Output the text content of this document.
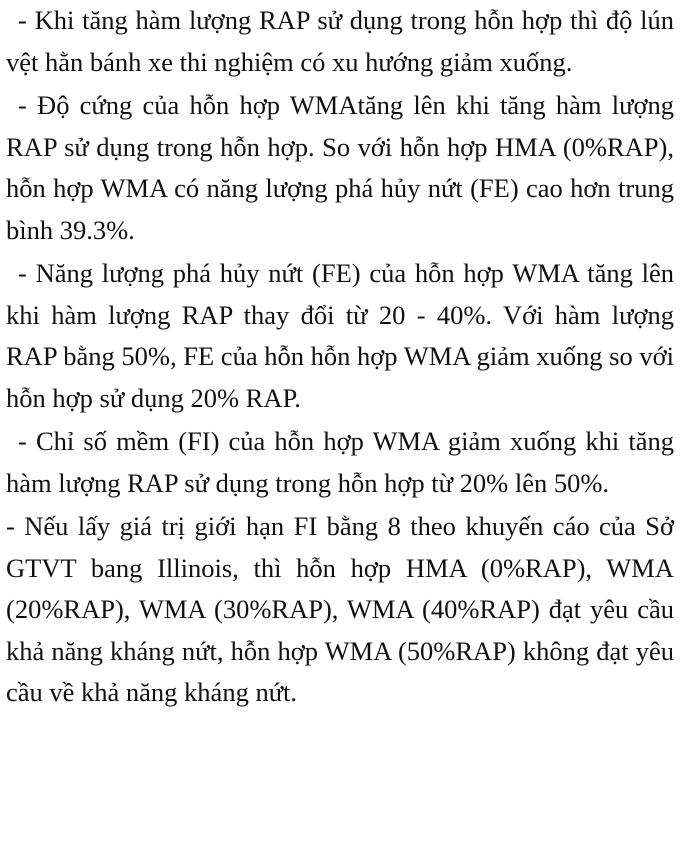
- Khi tăng hàm lượng RAP sử dụng trong hỗn hợp thì độ lún vệt hằn bánh xe thi nghiệm có xu hướng giảm xuống.

- Độ cứng của hỗn hợp WMAtăng lên khi tăng hàm lượng RAP sử dụng trong hỗn hợp. So với hỗn hợp HMA (0%RAP), hỗn hợp WMA có năng lượng phá hủy nứt (FE) cao hơn trung bình 39.3%.

- Năng lượng phá hủy nứt (FE) của hỗn hợp WMA tăng lên khi hàm lượng RAP thay đổi từ 20 - 40%. Với hàm lượng RAP bằng 50%, FE của hỗn hỗn hợp WMA giảm xuống so với hỗn hợp sử dụng 20% RAP.

- Chỉ số mềm (FI) của hỗn hợp WMA giảm xuống khi tăng hàm lượng RAP sử dụng trong hỗn hợp từ 20% lên 50%.

- Nếu lấy giá trị giới hạn FI bằng 8 theo khuyến cáo của Sở GTVT bang Illinois, thì hỗn hợp HMA (0%RAP), WMA (20%RAP), WMA (30%RAP), WMA (40%RAP) đạt yêu cầu khả năng kháng nứt, hỗn hợp WMA (50%RAP) không đạt yêu cầu về khả năng kháng nứt.
